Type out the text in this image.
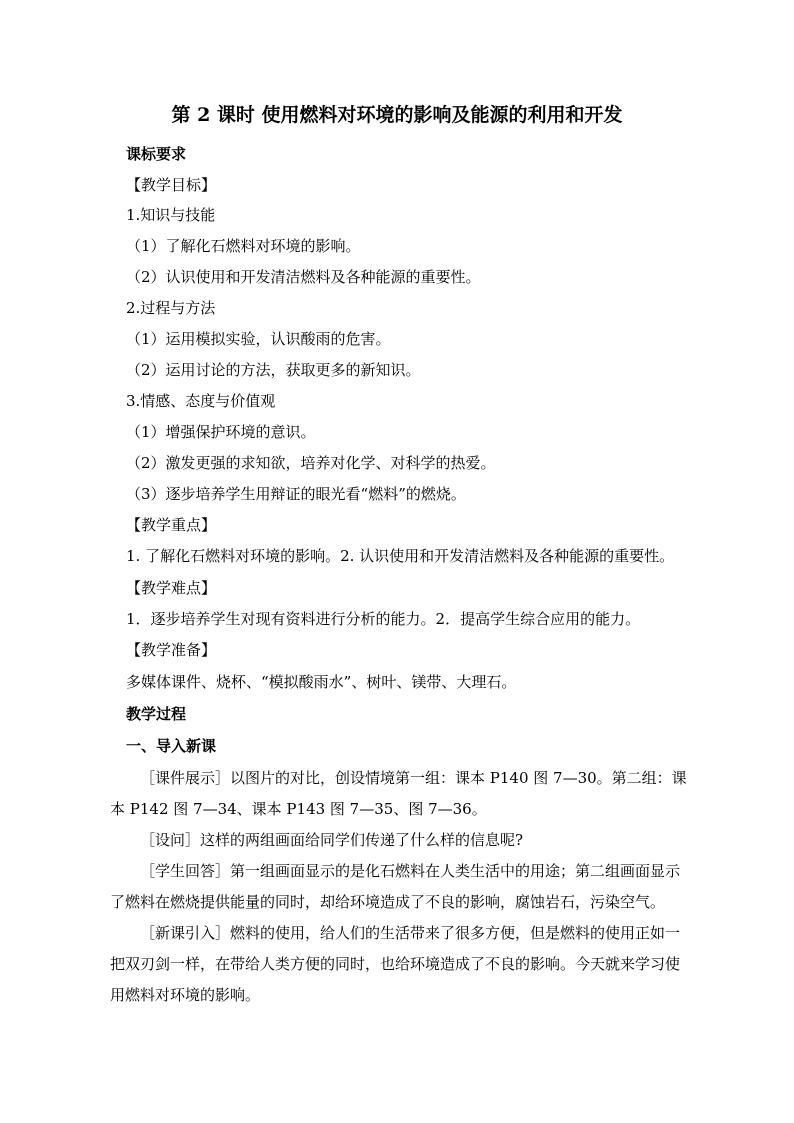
第 2 课时 使用燃料对环境的影响及能源的利用和开发
课标要求
【教学目标】
1.知识与技能
（1）了解化石燃料对环境的影响。
（2）认识使用和开发清洁燃料及各种能源的重要性。
2.过程与方法
（1）运用模拟实验，认识酸雨的危害。
（2）运用讨论的方法，获取更多的新知识。
3.情感、态度与价值观
（1）增强保护环境的意识。
（2）激发更强的求知欲，培养对化学、对科学的热爱。
（3）逐步培养学生用辩证的眼光看“燃料”的燃烧。
【教学重点】
1. 了解化石燃料对环境的影响。2. 认识使用和开发清洁燃料及各种能源的重要性。
【教学难点】
1．逐步培养学生对现有资料进行分析的能力。2．提高学生综合应用的能力。
【教学准备】
多媒体课件、烧杯、“模拟酸雨水”、树叶、镁带、大理石。
教学过程
一、导入新课
［课件展示］以图片的对比，创设情境第一组：课本 P140 图 7—30。第二组：课
本 P142 图 7—34、课本 P143 图 7—35、图 7—36。
［设问］这样的两组画面给同学们传递了什么样的信息呢?
［学生回答］第一组画面显示的是化石燃料在人类生活中的用途；第二组画面显示
了燃料在燃烧提供能量的同时，却给环境造成了不良的影响，腐蚀岩石，污染空气。
［新课引入］燃料的使用，给人们的生活带来了很多方便，但是燃料的使用正如一
把双刃剑一样，在带给人类方便的同时，也给环境造成了不良的影响。今天就来学习使
用燃料对环境的影响。
